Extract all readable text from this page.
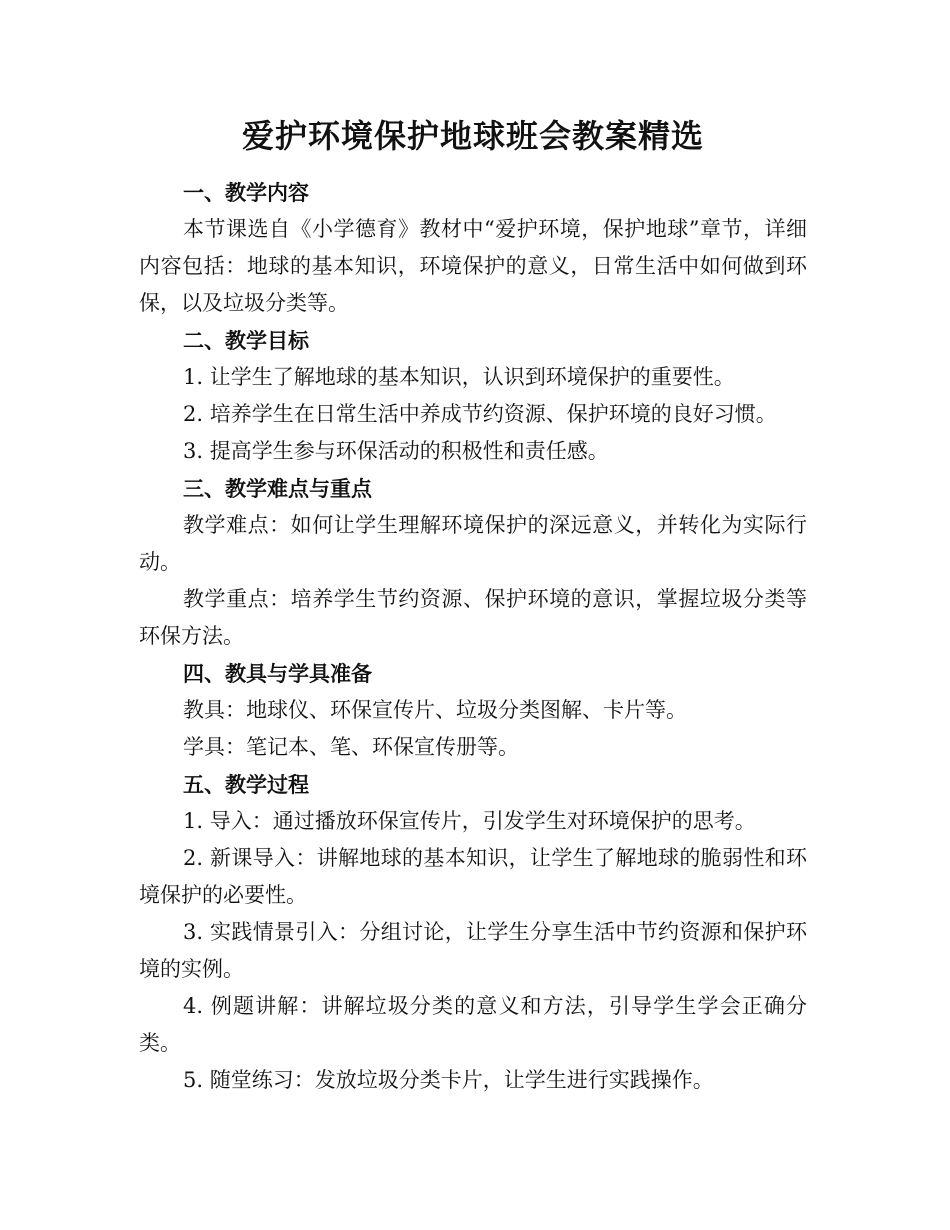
爱护环境保护地球班会教案精选

一、教学内容

本节课选自《小学德育》教材中“爱护环境，保护地球”章节，详细内容包括：地球的基本知识，环境保护的意义，日常生活中如何做到环保，以及垃圾分类等。

二、教学目标

1. 让学生了解地球的基本知识，认识到环境保护的重要性。

2. 培养学生在日常生活中养成节约资源、保护环境的良好习惯。

3. 提高学生参与环保活动的积极性和责任感。

三、教学难点与重点

教学难点：如何让学生理解环境保护的深远意义，并转化为实际行动。

教学重点：培养学生节约资源、保护环境的意识，掌握垃圾分类等环保方法。

四、教具与学具准备

教具：地球仪、环保宣传片、垃圾分类图解、卡片等。

学具：笔记本、笔、环保宣传册等。

五、教学过程

1. 导入：通过播放环保宣传片，引发学生对环境保护的思考。

2. 新课导入：讲解地球的基本知识，让学生了解地球的脆弱性和环境保护的必要性。

3. 实践情景引入：分组讨论，让学生分享生活中节约资源和保护环境的实例。

4. 例题讲解：讲解垃圾分类的意义和方法，引导学生学会正确分类。

5. 随堂练习：发放垃圾分类卡片，让学生进行实践操作。
